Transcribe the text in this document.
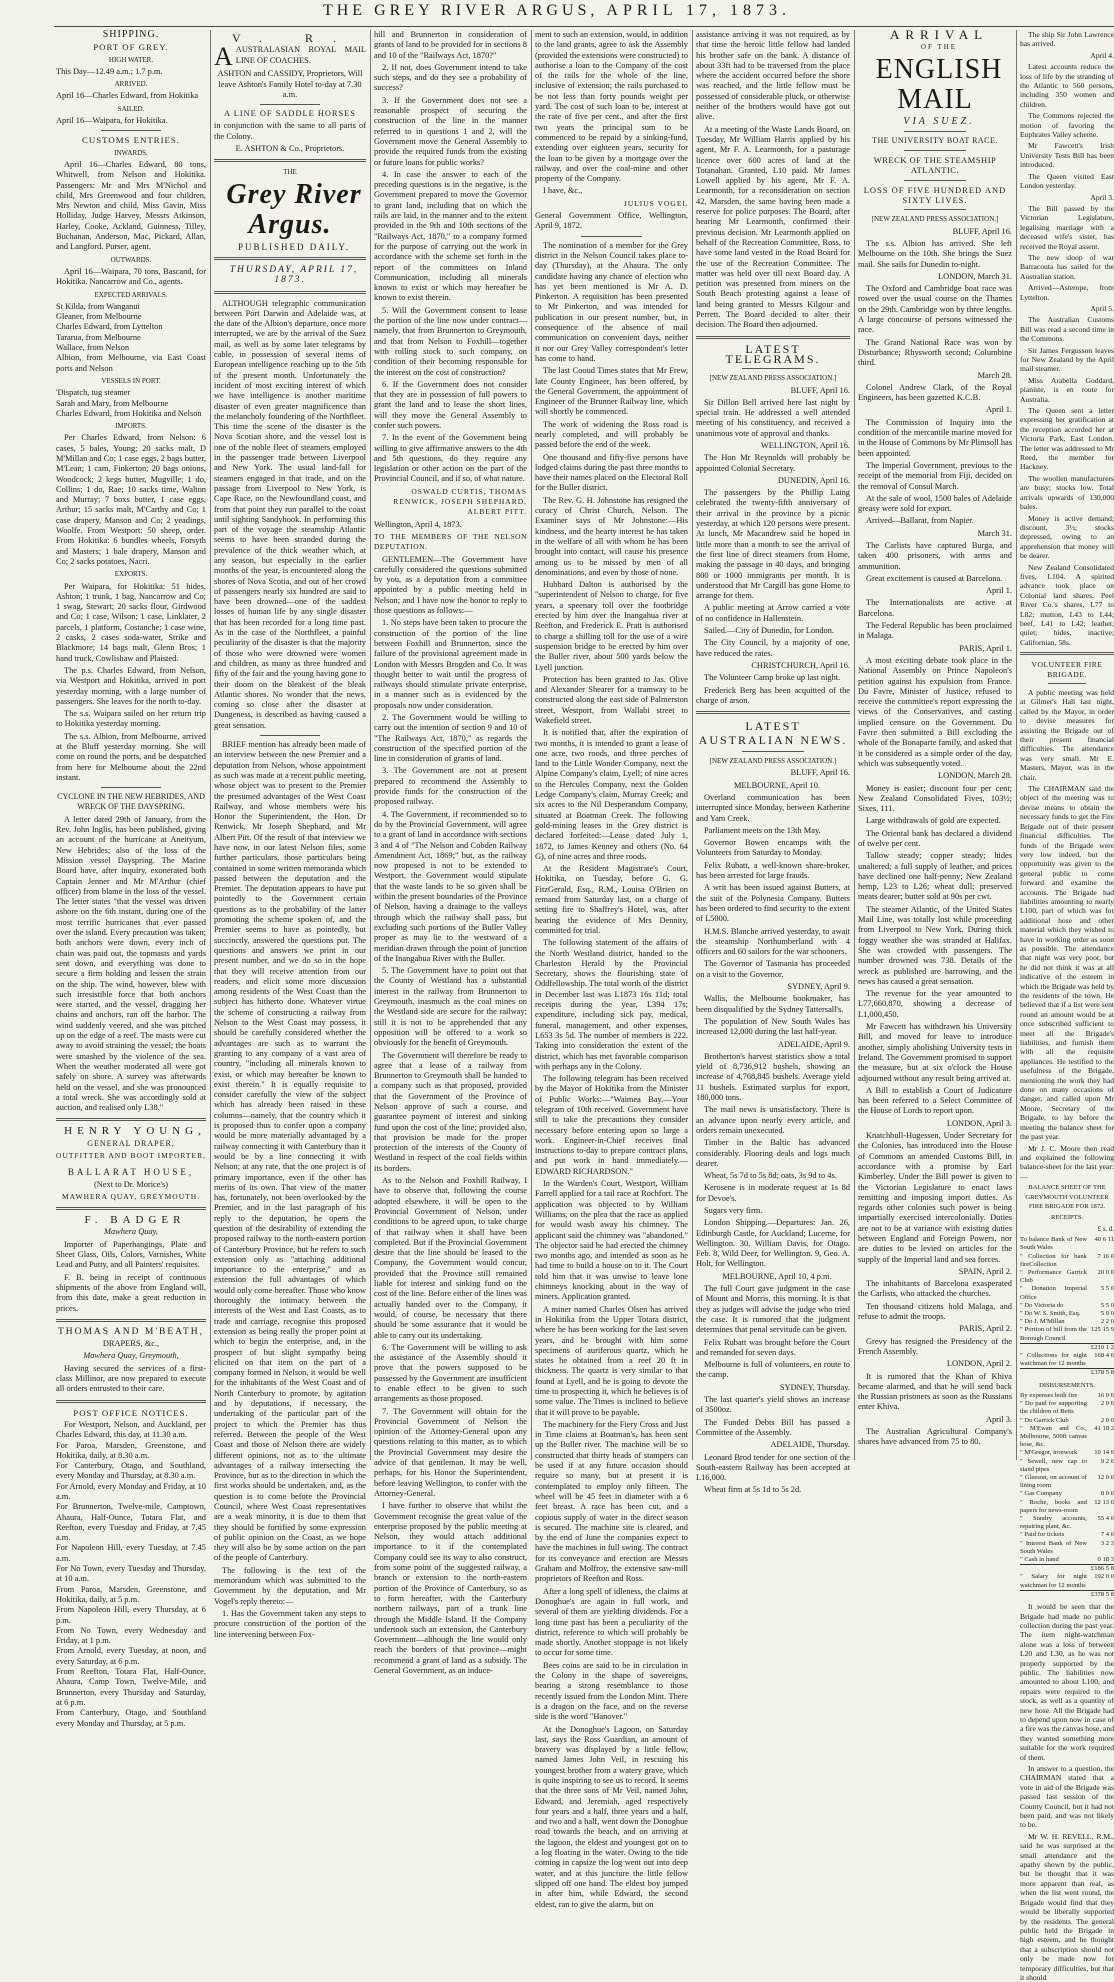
THE GREY RIVER ARGUS, APRIL 17, 1873.

SHIPPING.

PORT OF GREY.

HIGH WATER.

This Day—12.49 a.m.; 1.7 p.m.

ARRIVED.

April 16—Charles Edward, from Hokitika

SAILED.

April 16—Waipara, for Hokitika.

CUSTOMS ENTRIES.

INWARDS.

April 16—Charles Edward, 80 tons, Whitwell, from Nelson and Hokitika. Passengers: Mr and Mrs M'Nichol and child, Mrs Greenwood and four children, Mrs Newton and child, Miss Gavin, Miss Holliday, Judge Harvey, Messrs Atkinson, Harley, Cooke, Ackland, Guinness, Tilley, Buchanan, Anderson, Mac, Pickard, Allan, and Langford. Purser, agent.

OUTWARDS.

April 16—Waipara, 70 tons, Bascand, for Hokitika. Nancarrow and Co., agents.

EXPECTED ARRIVALS.

St Kilda, from Wanganui
Gleaner, from Melbourne
Charles Edward, from Lyttelton
Tararua, from Melbourne
Wallace, from Nelson
Albion, from Melbourne, via East Coast ports and Nelson

VESSELS IN PORT.

'Dispatch, tug steamer
Sarah and Mary, from Melbourne
Charles Edward, from Hokitika and Nelson

IMPORTS.

Per Charles Edward, from Nelson: 6 cases, 5 bales, Young; 20 sacks malt, D M'Millan and Co; 1 case eggs, 2 bags butter, M'Lean; 1 cam, Finkerton; 20 bags onions, Woodcock; 2 kegs butter, Mugville; 1 do, Collins; 1 do, Rae; 10 sacks time, Walton and Murray; 7 boxs butter, 1 case eggs, Arthur; 15 sacks malt, M'Carthy and Co; 1 case drapery, Manson and Co; 2 yeadings, Woolfe. From Westport: 50 sheep, order. From Hokitika: 6 bundles wheels, Forsyth and Masters; 1 bale drapery, Manson and Co; 2 sacks potatoes, Nacri.

EXPORTS.

Per Waipara, for Hokitika: 51 hides, Ashton; 1 trunk, 1 bag, Nancarrow and Co; 1 swag, Stewart; 20 sacks flour, Girdwood and Co; 1 case, Wilson; 1 case, Linklater, 2 parcels, 1 platform, Costanche; 1 case wine, 2 casks, 2 cases soda-water, Strike and Blackmore; 14 bags malt, Glenn Bros; 1 hand truck, Cowlishaw and Plaisted.

The p.s. Charles Edward, from Nelson, via Westport and Hokitika, arrived in port yesterday morning, with a large number of passengers. She leaves for the north to-day.

The s.s. Waipara sailed on her return trip to Hokitika yesterday morning.

The s.s. Albion, from Melbourne, arrived at the Bluff yesterday morning. She will come on round the ports, and be despatched from here for Melbourne about the 22nd instant.

CYCLONE IN THE NEW HEBRIDES, AND WRECK OF THE DAYSPRING.

A letter dated 29th of January, from the Rev. John Inglis, has been published, giving an account of the hurricane at Aneityum, New Hebrides; also of the loss of the Mission vessel Dayspring. The Marine Board have, after inquiry, exonerated both Captain Jenner and Mr M'Arthur (chief officer) from blame in the loss of the vessel. The letter states "that the vessel was driven ashore on the 6th instant, during one of the most terrific hurricanes that ever passed over the island. Every precaution was taken; both anchors were down, every inch of chain was paid out, the topmasts and yards sent down, and everything was done to secure a firm holding and lessen the strain on the ship. The wind, however, blew with such irresistible force that both anchors were started, and the vessel, dragging her chains and anchors, ran off the harbor. The wind suddenly veered, and she was pitched up on the edge of a reef. The masts were cut away to avoid straining the vessel; the boats were smashed by the violence of the sea. When the weather moderated all were got safely on shore. A survey was afterwards held on the vessel, and she was pronounced a total wreck. She was accordingly sold at auction, and realised only L38."

HENRY YOUNG,

GENERAL DRAPER,

OUTFITTER AND BOOT IMPORTER,

BALLARAT HOUSE,

(Next to Dr. Morice's)

MAWHERA QUAY, GREYMOUTH.

F. BADGER

Mawhera Quay,

Importer of Paperhangings, Plate and Sheet Glass, Oils, Colors, Varnishes, White Lead and Putty, and all Painters' requisites.

F. B. being in receipt of continuous shipments of the above from England will, from this date, make a great reduction in prices.

THOMAS AND M'BEATH,

DRAPERS, &c.,

Mawhera Quay, Greymouth,

Having secured the services of a first-class Millinor, are now prepared to execute all orders entrusted to their care.

POST OFFICE NOTICES.

For Westport, Nelson, and Auckland, per Charles Edward, this day, at 11.30 a.m.
For Paroa, Marsden, Greenstone, and Hokitika, daily, at 8.30 a.m.
For Canterbury, Otago, and Southland, every Monday and Thursday, at 8.30 a.m.
For Arnold, every Monday and Friday, at 10 a.m.
For Brunnerton, Twelve-mile, Camptown, Ahaura, Half-Ounce, Totara Flat, and Reefton, every Tuesday and Friday, at 7.45 a.m.
For Napoleon Hill, every Tuesday, at 7.45 a.m.
For No Town, every Tuesday and Thursday, at 10 a.m.
From Paroa, Marsden, Greenstone, and Hokitika, daily, at 5 p.m.
From Napoleon Hill, every Thursday, at 6 p.m.
From No Town, every Wednesday and Friday, at 1 p.m.
From Arnold, every Tuesday, at noon, and every Saturday, at 6 p.m.
From Reefton, Totara Flat, Half-Ounce, Ahaura, Camp Town, Twelve-Mile, and Brunnerton, every Thursday and Saturday, at 6 p.m.
From Canterbury, Otago, and Southland every Monday and Thursday, at 5 p.m.

V. R.

AAUSTRALASIAN ROYAL MAIL LINE OF COACHES.

ASHTON and CASSIDY, Proprietors, Will leave Ashton's Family Hotel to-day at 7.30 a.m.

A LINE OF SADDLE HORSES

in conjunction with the same to all parts of the Colony.

E. ASHTON & Co., Proprietors.

THE

Grey River Argus.

PUBLISHED DAILY.

THURSDAY, APRIL 17, 1873.

ALTHOUGH telegraphic communication between Port Darwin and Adelaide was, at the date of the Albion's departure, once more interrupted, we are by the arrival of the Suez mail, as well as by some later telegrams by cable, in possession of several items of European intelligence reaching up to the 5th of the present month. Unfortunately the incident of most exciting interest of which we have intelligence is another maritime disaster of even greater magnificence than the melancholy foundering of the Northfleet. This time the scene of the disaster is the Nova Scotian shore, and the vessel lost is one of the noble fleet of steamers employed in the passenger trade between Liverpool and New York. The usual land-fall for steamers engaged in that trade, and on the passage from Liverpool to New York, is Cape Race, on the Newfoundland coast, and from that point they run parallel to the coast until sighting Sandyhook. In performing this part of the voyage the steamship Atlantic seems to have been stranded during the prevalence of the thick weather which, at any season, but especially in the earlier months of the year, is encountered along the shores of Nova Scotia, and out of her crowd of passengers nearly six hundred are said to have been drowned—one of the saddest losses of human life by any single disaster that has been recorded for a long time past. As in the case of the Northfleet, a painful peculiarity of the disaster is that the majority of those who were drowned were women and children, as many as three hundred and fifty of the fair and the young having gone to their doom on the bleakest of the bleak Atlantic shores. No wonder that the news, coming so close after the disaster at Dungeness, is described as having caused a great sensation.

BRIEF mention has already been made of an interview between the new Premier and a deputation from Nelson, whose appointment as such was made at a recent public meeting, whose object was to present to the Premier the presumed advantages of the West Coast Railway, and whose members were his Honor the Superintendent, the Hon. Dr Renwick, Mr Joseph Shephard, and Mr Albert Pitt. Of the result of that interview we have now, in our latest Nelson files, some further particulars, those particulars being contained in some written memoranda which passed between the deputation and the Premier. The deputation appears to have put pointedly to the Government certain questions as to the probability of the latter promoting the scheme spoken of, and the Premier seems to have as pointedly, but succinctly, answered the questions put. The questions and answers we print in our present number, and we do so in the hope that they will receive attention from our readers, and elicit some more discussion among residents of the West Coast than the subject has hitherto done. Whatever virtue the scheme of constructing a railway from Nelson to the West Coast may possess, it should be carefully considered whether the advantages are such as to warrant the granting to any company of a vast area of country, "including all minerals known to exist, or which may hereafter be known to exist therein." It is equally requisite to consider carefully the view of the subject which has already been raised in these columns—namely, that the country which it is proposed thus to confer upon a company would be more materially advantaged by a railway connecting it with Canterbury than it would be by a line connecting it with Nelson; at any rate, that the one project is of primary importance, even if the other has merits of its own. That view of the matter has, fortunately, not been overlooked by the Premier, and in the last paragraph of his reply to the deputation, he opens the question of the desirability of extending the proposed railway to the north-eastern portion of Canterbury Province, but he refers to such extension only as "attaching additional importance to the enterprise," and as extension the full advantages of which would only come hereafter. Those who know thoroughly the intimacy between the interests of the West and East Coasts, as to trade and carriage, recognise this proposed extension as being really the proper point at which to begin the enterprise, and, in the prospect of but slight sympathy being elicited on that item on the part of a company formed in Nelson, it would be well for the inhabitants of the West Coast and of North Canterbury to promote, by agitation and by deputations, if necessary, the undertaking of the particular part of the project to which the Premier has thus referred. Between the people of the West Coast and those of Nelson there are widely different opinions, not as to the ultimate advantages of a railway intersecting the Province, but as to the direction in which the first works should be undertaken, and, as the question is to come before the Provincial Council, where West Coast representatives are a weak minority, it is due to them that they should be fortified by some expression of public opinion on the Coast, as we hope they will also be by some action on the part of the people of Canterbury.

The following is the text of the memorandum which was submitted to the Government by the deputation, and Mr Vogel's reply thereto:—

1. Has the Government taken any steps to procure construction of the portion of the line intervening between Fox-

hill and Brunnerton in consideration of grants of land to be provided for in sections 8 and 10 of the "Railways Act, 1870?"

2. If not, does Government intend to take such steps, and do they see a probability of success?

3. If the Government does not see a reasonable prospect of securing the construction of the line in the manner referred to in questions 1 and 2, will the Government move the General Assembly to provide the required funds from the existing or future loans for public works?

4. In case the answer to each of the preceding questions is in the negative, is the Government prepared to move the Governor to grant land, including that on which the rails are laid, in the manner and to the extent provided in the 9th and 10th sections of the "Railways Act, 1870," to a company formed for the purpose of carrying out the work in accordance with the scheme set forth in the report of the committees on Inland Communication, including all minerals known to exist or which may hereafter be known to exist therein.

5. Will the Government consent to lease the portion of the line now under contract—namely, that from Brunnerton to Greymouth, and that from Nelson to Foxhill—together with rolling stock to such company, on condition of their becoming responsible for the interest on the cost of construction?

6. If the Government does not consider that they are in possession of full powers to grant the land and to lease the short lines, will they move the General Assembly to confer such powers.

7. In the event of the Government being willing to give affirmative answers to the 4th and 5th questions, do they require any legislation or other action on the part of the Provincial Council, and if so, of what nature.

OSWALD CURTIS, THOMAS RENWICK, JOSEPH SHEPHARD, ALBERT PITT.

Wellington, April 4, 1873.

TO THE MEMBERS OF THE NELSON DEPUTATION.

GENTLEMEN—The Government have carefully considered the questions submitted by you, as a deputation from a committee appointed by a public meeting held in Nelson; and I have now the honor to reply to those questions as follows:—

1. No steps have been taken to procure the construction of the portion of the line between Foxhill and Brunnerton, since the failure of the provisional agreement made in London with Messrs Brogden and Co. It was thought better to wait until the progress of railways should stimulate private enterprise, in a manner such as is evidenced by the proposals now under consideration.

2. The Government would be willing to carry out the intention of section 9 and 10 of "The Railways Act, 1870," as regards the construction of the specified portion of the line in consideration of grants of land.

3. The Government are not at present prepared to recommend the Assembly to provide funds for the construction of the proposed railway.

4. The Government, if recommended so to do by the Provincial Government, will agree to a grant of land in accordance with sections 3 and 4 of "The Nelson and Cobden Railway Amendment Act, 1869;" but, as the railway now proposed is not to be extended to Westport, the Government would stipulate that the waste lands to be so given shall be within the present boundaries of the Province of Nelson, having a drainage to the valleys through which the railway shall pass, but excluding such portions of the Buller Valley proper as may lie to the westward of a meridian drawn through the point of junction of the Inangahua River with the Buller.

5. The Government have to point out that the County of Westland has a substantial interest in the railway from Brunnerton to Greymouth, inasmuch as the coal mines on the Westland side are secure for the railway; still it is not to be apprehended that any opposition will be offered to a work so obviously for the benefit of Greymouth.

The Government will therefore be ready to agree that a lease of a railway from Brunnerton to Greymouth shall be handed to a company such as that proposed, provided that the Government of the Province of Nelson approve of such a course, and guarantee payment of interest and sinking fund upon the cost of the line; provided also, that provision be made for the proper protection of the interests of the County of Westland in respect of the coal fields within its borders.

As to the Nelson and Foxhill Railway, I have to observe that, following the course adopted elsewhere, it will be open to the Provincial Government of Nelson, under conditions to be agreed upon, to take charge of that railway when it shall have been completed. But if the Provincial Government desire that the line should be leased to the Company, the Government would concur, provided that the Province still remained liable for interest and sinking fund on the cost of the line. Before either of the lines was actually handed over to the Company, it would, of course, be necessary that there should be some assurance that it would be able to carry out its undertaking.

6. The Government will be willing to ask the assistance of the Assembly should it prove that the powers supposed to be possessed by the Government are insufficient to enable effect to be given to such arrangements as those proposed.

7. The Government will obtain for the Provincial Government of Nelson the opinion of the Attorney-General upon any questions relating to this matter, as to which the Provincial Government may desire the advice of that gentleman. It may be well, perhaps, for his Honor the Superintendent, before leaving Wellington, to confer with the Attorney-General.

I have further to observe that whilst the Government recognise the great value of the enterprise proposed by the public meeting at Nelson, they would attach additional importance to it if the contemplated Company could see its way to also construct, from some point of the suggested railway, a branch or extension to the north-eastern portion of the Province of Canterbury, so as to form hereafter, with the Canterbury northern railways, part of a trunk line through the Middle Island. If the Company undertook such an extension, the Canterbury Government—although the line would only reach the borders of that province—might recommend a grant of land as a subsidy. The General Government, as an induce-

ment to such an extension, would, in addition to the land grants, agree to ask the Assembly (provided the extensions were constructed) to authorise a loan to the Company of the cost of the rails for the whole of the line, inclusive of extension; the rails purchased to be not less than forty pounds weight per yard. The cost of such loan to be, interest at the rate of five per cent., and after the first two years the principal sum to be commenced to be repaid by a sinking-fund, extending over eighteen years, security for the loan to be given by a mortgage over the railway, and over the coal-mine and other property of the Company.

I have, &c.,

JULIUS VOGEL

General Government Office, Wellington, April 9, 1872.

The nomination of a member for the Grey district in the Nelson Council takes place to-day (Thursday), at the Ahaura. The only candidate having any chance of election who has yet been mentioned is Mr A. D. Pinkerton. A requisition has been presented to Mr Pinkerton, and was intended for publication in our present number, but, in consequence of the absence of mail communication on convenient days, neither it nor our Grey Valley correspondent's letter has come to hand.

The last Cooud Times states that Mr Frew, late County Engineer, has been offered, by the General Government, the appointment of Engineer of the Brunner Railway line, which will shortly be commenced.

The work of widening the Ross road is nearly completed, and will probably be passed before the end of the week.

One thousand and fifty-five persons have lodged claims during the past three months to have their names placed on the Electoral Roll for the Buller district.

The Rev. G. H. Johnstone has resigned the curacy of Christ Church, Nelson. The Examiner says of Mr Johnstone:—His kindness, and the hearty interest he has taken in the welfare of all with whom he has been brought into contact, will cause his presence among us to be missed by men of all denominations, and even by those of none.

Hubbard Dalton is authorised by the "superintendent of Nelson to charge, for five years, a speenary toll over the footbridge erected by him over the Inangahua river at Reefton, and Frederick E. Pratt is authorised to charge a shilling toll for the use of a wire suspension bridge to be erected by him over the Buller river, about 500 yards below the Lyell junction.

Protection has been granted to Jas. Olive and Alexander Shearer for a tramway to be constructed along the east side of Palmerston street, Westport, from Wallabi street to Wakefield street.

It is notified that, after the expiration of two months, it is intended to grant a lease of one acre, two roods, and three perches of land to the Little Wonder Company, next the Alpine Company's claim, Lyell; of nine acres to the Hercules Company, next the Golden Ledge Company's claim, Murray Creek; and six acres to the Nil Desperandum Company, situated at Boatman Creek. The following gold-mining leases in the Grey district is declared forfeited:—Lease dated July 1, 1872, to James Kenney and others (No. 64 G), of nine acres and three roods.

At the Resident Magistrate's Court, Hokitika, on Tuesday, before G. G. FitzGerald, Esq., R.M., Louisa O'Brien on remand from Saturday last, on a charge of setting fire to Shaffrey's Hotel, was, after hearing the evidence of Mrs Dennity, committed for trial.

The following statement of the affairs of the North Westland district, handed to the Charleston Herald by the Provincial Secretary, shows the flourishing state of Oddfellowship. The total worth of the district in December last was L1873 16s 11d; total receipts during the year, L394 17s; expenditure, including sick pay, medical, funeral, management, and other expenses, L653 3s 5d. The number of members is 222. Taking into consideration the extent of the district, which has met favorable comparison with perhaps any in the Colony.

The following telegram has been received by the Mayor of Hokitika from the Minister of Public Works:—"Waimea Bay.—Your telegram of 10th received. Government have still to take the precautions they consider necessary before entering upon so large a work. Engineer-in-Chief receives final instructions to-day to prepare contract plans, and put work in hand immediately.—EDWARD RICHARDSON."

In the Warden's Court, Westport, William Farrell applied for a tail race at Rochfort. The application was objected to by William Williams, on the plea that the race as applied for would wash away his chimney. The applicant said the chimney was "abandoned." The objector said he had erected the chimney two months ago, and intended as soon as he had time to build a house on to it. The Court told him that it was unwise to leave lone chimneys knocking about in the way of miners. Application granted.

A miner named Charles Olsen has arrived in Hokitika from the Upper Totara district, where he has been working for the last seven years, and he brought with him some specimens of auriferous quartz, which he states he obtained from a reef 20 ft in thickness. The quartz is very similar to that found at Lyell, and he is going to devote the time to prospecting it, which he believes is of some value. The Times is inclined to believe that it will prove to be payable.

The machinery for the Fiery Cross and Just in Time claims at Boatman's, has been sent up the Buller river. The machine will be so constructed that thirty heads of stampers can be used if at any future occasion should require so many, but at present it is contemplated to employ only fifteen. The wheel will be 45 feet in diameter with a 6 feet breast. A race has been cut, and a copious supply of water in the direct season is secured. The machine site is cleared, and by the end of June the companies expect to have the machines in full swing. The contract for its conveyance and erection are Messrs Graham and Molfroy, the extensive saw-mill proprietors of Reefton and Ross.

After a long spell of idleness, the claims at Donoghue's are again in full work, and several of them are yielding dividends. For a long time past has been a peculiarity of the district, reference to which will probably be made shortly. Another stoppage is not likely to occur for some time.

Bees coins are said to be in circulation in the Colony in the shape of sovereigns, bearing a strong resemblance to those recently issued from the London Mint. There is a dragon on the face, and on the reverse side is the word "Hanover."

At the Donoghue's Lagoon, on Saturday last, says the Ross Guardian, an amount of bravery was displayed by a little fellow, named James John Veil, in rescuing his youngest brother from a watery grave, which is quite inspiring to see us to record. It seems that the three sons of Mr Veil, named John, Edward, and Jeremiah, aged respectively four years and a half, three years and a half, and two and a half, went down the Donoghue road towards the beach, and on arriving at the lagoon, the eldest and youngest got on to a log floating in the water. Owing to the tide coming in capsize the log went out into deep water, and at this juncture the little fellow slipped off one hand. The eldest boy jumped in after him, while Edward, the second eldest, ran to give the alarm, but on

assistance arriving it was not required, as by that time the heroic little fellow had landed his brother safe on the bank. A distance of about 33ft had to be traversed from the place where the accident occurred before the shore was reached, and the little fellow must be possessed of considerable pluck, or otherwise neither of the brothers would have got out alive.

At a meeting of the Waste Lands Board, on Tuesday, Mr William Harris applied by his agent, Mr F. A. Learmonth, for a pasturage licence over 600 acres of land at the Totanahan. Granted, L10 paid. Mr James Lowell applied by his agent, Mr F. A. Learmonth, for a reconsideration on section 42, Marsden, the same having been made a reserve for police purposes. The Board, after hearing Mr Learmonth, confirmed their previous decision. Mr Learmonth applied on behalf of the Recreation Committee, Ross, to have some land vested in the Road Board for the use of the Recreation Committee. The matter was held over till next Board day. A petition was presented from miners on the South Beach protesting against a lease of land being granted to Messrs Kilgour and Perrett. The Board decided to alter their decision. The Board then adjourned.

LATEST TELEGRAMS.

[NEW ZEALAND PRESS ASSOCIATION.]

BLUFF, April 16.

Sir Dillon Bell arrived here last night by special train. He addressed a well attended meeting of his constituency, and received a unanimous vote of approval and thanks.

WELLINGTON, April 16.

The Hon Mr Reynolds will probably be appointed Colonial Secretary.

DUNEDIN, April 16.

The passengers by the Phillip Laing celebrated the twenty-fifth anniversary of their arrival in the province by a picnic yesterday, at which 120 persons were present. At lunch, Mr Macandrew said he hoped in little more than a month to see the arrival of the first line of direct steamers from Home, making the passage in 40 days, and bringing 800 or 1000 immigrants per month. It is understood that Mr Cargill has gone Home to arrange for them.

A public meeting at Arrow carried a vote of no confidence in Hallenstein.

Sailed.—City of Dunedin, for London.

The City Council, by a majority of one, have reduced the rates.

CHRISTCHURCH, April 16.

The Volunteer Camp broke up last night.

Frederick Berg has been acquitted of the charge of arson.

LATEST AUSTRALIAN NEWS.

[NEW ZEALAND PRESS ASSOCIATION.]

BLUFF, April 16.

MELBOURNE, April 10.

Overland communication has been interrupted since Monday, between Katherine and Yam Creek.

Parliament meets on the 13th May.

Governor Bowen encamps with the Volunteers from Saturday to Monday.

Felix Rubatt, a well-known share-broker, has been arrested for large frauds.

A writ has been issued against Butters, at the suit of the Polynesia Company. Butters has been ordered to find security to the extent of L5000.

H.M.S. Blanche arrived yesterday, to await the steamship Northumberland with 4 officers and 60 sailors for the war schooners.

The Governor of Tasmania has proceeded on a visit to the Governor.

SYDNEY, April 9.

Wallis, the Melbourne bookmaker, has been disqualified by the Sydney Tattersall's.

The population of New South Wales has increased 12,000 during the last half-year.

ADELAIDE, April 9.

Brotherton's harvest statistics show a total yield of 8,736,912 bushels, showing an increase of 4,768,845 bushels. Average yield 11 bushels. Estimated surplus for export, 180,000 tons.

The mail news is unsatisfactory. There is an advance upon nearly every article, and orders remain unexecuted.

Timber in the Baltic has advanced considerably. Flooring deals and logs much dearer.

Wheat, 5s 7d to 5s 8d; oats, 3s 9d to 4s.

Kerosene is in moderate request at 1s 8d for Devoe's.

Sugars very firm.

London Shipping.—Departures: Jan. 26, Edinburgh Castle, for Auckland; Lucerne, for Wellington. 30, William Davis, for Otago. Feb. 8, Wild Deer, for Wellington. 9, Geo. A. Holt, for Wellington.

MELBOURNE, April 10, 4 p.m.

The full Court gave judgment in the case of Mount and Morris, this morning. It is that they as judges will advise the judge who tried the case. It is rumored that the judgment determines that penal servitude can be given.

Felix Rubatt was brought before the Court and remanded for seven days.

Melbourne is full of volunteers, en route to the camp.

SYDNEY, Thursday.

The last quarter's yield shows an increase of 3500oz.

The Funded Debts Bill has passed a Committee of the Assembly.

ADELAIDE, Thursday.

Leonard Brod tender for one section of the South-eastern Railway has been accepted at L16,000.

Wheat firm at 5s 1d to 5s 2d.

ARRIVAL

OF THE

ENGLISH MAIL

VIA SUEZ.

THE UNIVERSITY BOAT RACE.

WRECK OF THE STEAMSHIP ATLANTIC.

LOSS OF FIVE HUNDRED AND SIXTY LIVES.

[NEW ZEALAND PRESS ASSOCIATION.]

BLUFF, April 16.

The s.s. Albion has arrived. She left Melbourne on the 10th. She brings the Suez mail. She sails for Dunedin to-night.

LONDON, March 31.

The Oxford and Cambridge boat race was rowed over the usual course on the Thames on the 29th. Cambridge won by three lengths. A large concourse of persons witnessed the race.

The Grand National Race was won by Disturbance; Rhysworth second; Columbine third.

March 28.

Colonel Andrew Clark, of the Royal Engineers, has been gazetted K.C.B.

April 1.

The Commission of Inquiry into the condition of the mercantile marine moved for in the House of Commons by Mr Plimsoll has been appointed.

The Imperial Government, previous to the receipt of the memorial from Fiji, decided on the removal of Consul March.

At the sale of wool, 1500 bales of Adelaide greasy were sold for export.

Arrived—Ballarat, from Napier.

March 31.

The Carlists have captured Burga, and taken 400 prisoners, with arms and ammunition.

Great excitement is caused at Barcelona.

April 1.

The Internationalists are active at Barcelona.

The Federal Republic has been proclaimed in Malaga.

PARIS, April 1.

A most exciting debate took place in the National Assembly on Prince Napoleon's petition against his expulsion from France. Du Favre, Minister of Justice, refused to receive the committee's report expressing the views of the Conservatives, and casting implied censure on the Government. Du Favre then submitted a Bill excluding the whole of the Bonaparte family, and asked that it be considered as a simple order of the day, which was subsequently voted.

LONDON, March 28.

Money is easier; discount four per cent; New Zealand Consolidated Fives, 103½; Sixes, 111.

Large withdrawals of gold are expected.

The Oriental bank has declared a dividend of twelve per cent.

Tallow steady; copper steady; hides unaltered; a full supply of leather, and prices have declined one half-penny; New Zealand hemp, L23 to L26; wheat dull; preserved meats dearer; butter sold at 90s per cwt.

The steamer Atlantic, of the United States Mail Line, was totally lost while proceeding from Liverpool to New York. During thick foggy weather she was stranded at Halifax. She was crowded with passengers. The number drowned was 738. Details of the wreck as published are harrowing, and the news has caused a great sensation.

The revenue for the year amounted to L77,660,870, showing a decrease of L1,000,450.

Mr Fawcett has withdrawn his University Bill, and moved for leave to introduce another, simply abolishing University tests in Ireland. The Government promised to support the measure, but at six o'clock the House adjourned without any result being arrived at.

A Bill to establish a Court of Judicature has been referred to a Select Committee of the House of Lords to report upon.

LONDON, April 3.

Knatchbull-Hugessen, Under Secretary for the Colonies, has introduced into the House of Commons an amended Customs Bill, in accordance with a promise by Earl Kimberley. Under the Bill power is given to the Victorian Legislature to enact laws remitting and imposing import duties. As regards other colonies such power is being impartially exercised intercolonially. Duties are not to be at variance with existing duties between England and Foreign Powers, nor are duties to be levied on articles for the supply of the Imperial land and sea forces.

SPAIN, April 2.

The inhabitants of Barcelona exasperated the Carlists, who attacked the churches.

Ten thousand citizens hold Malaga, and refuse to admit the troops.

PARIS, April 2.

Grevy has resigned the Presidency of the French Assembly.

LONDON, April 2.

It is rumored that the Khan of Khiva became alarmed, and that he will send back the Russian prisoners as soon as the Russians enter Khiva.

April 3.

The Australian Agricultural Company's shares have advanced from 75 to 80.

The ship Sir John Lawrence has arrived.

April 4.

Latest accounts reduce the loss of life by the stranding of the Atlantic to 560 persons, including 350 women and children.

The Commons rejected the motion of favoring the Euphrates Valley scheme.

Mr Fawcett's Irish University Tests Bill has been introduced.

The Queen visited East London yesterday.

April 3.

The Bill passed by the Victorian Legislature, legalising marriage with a deceased wife's sister, has received the Royal assent.

The new sloop of war Barracouta has sailed for the Australian station.

Arrived—Asterope, from Lyttelton.

April 5.

The Australian Customs Bill was read a second time in the Commons.

Sir James Fergusson leaves for New Zealand by the April mail steamer.

Miss Arabella Goddard, pianiste, is en route for Australia.

The Queen sent a letter expressing her gratification at the reception accorded her at Victoria Park, East London. The letter was addressed to Mr Reed, the member for Hackney.

The woollen manufacturers are busy; stocks low. Total arrivals upwards of 130,000 bales.

Money is active demand; discount, 3½; stocks depressed, owing to an apprehension that money will be dearer.

New Zealand Consolidated fives, L104. A spirited advance took place on Colonial land shares. Peel River Co.'s shares, L77 to L82; mutton, L43 to L44; beef, L41 to L42; leather, quiet; hides, inactive; Californian, 58s.

VOLUNTEER FIRE BRIGADE.

A public meeting was held at Gilmer's Hall last night, called by the Mayor, in order to devise measures for assisting the Brigade out of their present financial difficulties. The attendance was very small. Mr E. Masters, Mayor, was in the chair.

The CHAIRMAN said the object of the meeting was to devise means to obtain the necessary funds to get the Fire Brigade out of their present financial difficulties. The funds of the Brigade were very low indeed, but the opportunity was given to the general public to come forward and examine the accounts. The Brigade had liabilities amounting to nearly L100, part of which was for additional hose and other material which they wished to have in working order as soon as possible. The attendance that night was very poor, but he did not think it was at all indicative of the esteem in which the Brigade was held by the residents of the town. He believed that if a list were sent round an amount would be at once subscribed sufficient to meet all the Brigade's liabilities, and furnish them with all the requisite appliances. He testified to the usefulness of the Brigade, mentioning the work they had done on many occasions of danger, and called upon Mr Moore, Secretary of the Brigade, to lay before the meeting the balance sheet for the past year.

Mr J. C. Moore then read and explained the following balance-sheet for the last year:—

BALANCE SHEET OF THE GREYMOUTH VOLUNTEER FIRE BRIGADE FOR 1872.

RECEIPTS.

£ s. d.

To balance Bank of New South Wales	40 6 11
" Collection for bank fireCollection	7 16 0
" Performance Garrick Club	20 0 0
" Donation Imperial Office	5 5 0
" Do Victoria do	5 5 0
" Do W. S. Smith, Esq.	5 0 0
" Do J. M'Millan	2 2 0
" Portion of bill from the Borough Council	125 15 9
	£210 1 2
" Collections for night watchman for 12 months	168 4 0
	£378 5 8

DISBURSEMENTS.

By expenses both fire	16 0 0
" Do paid for supporting the children of Betts	2 0 0
" Do Garrick Club	2 0 0
" M'Ewan and Co., Melbourne, 500ft canvas hose, &c.	41 18 2
" M'Gregor, ironwork	10 14 6
" Sewell, new cap to stand pipes	9 2 6
" Gleeson, on account of lining room	12 0 0
" Gas Company	8 0 0
" Roche, books and papers for news-room	12 13 0
" Sundry accounts, repairing plant, &c.	55 4 6
" Paid for tickets	7 4 6
" Interest Bank of New South Wales	3 2 3
" Cash in hand	0 18 3
	£186 5 8
" Salary for night watchman for 12 months	192 0 0
	£378 5 8

It would be seen that the Brigade had made no public collection during the past year. The item night-watchman alone was a loss of between L20 and L30, as he was not properly supported by the public. The liabilities now amounted to about L100, and repairs were required to the stock, as well as a quantity of new hose. All the Brigade had to depend upon now in case of a fire was the canvas hose, and they wanted something more suitable for the work required of them.

In answer to a question, the CHAIRMAN stated that a vote in aid of the Brigade was passed last session of the County Council, but it had not been paid, and was not likely to be.

Mr W. H. REVELL, R.M., said he was surprised at the small attendance and the apathy shown by the public, but he thought that it was more apparent than real, as when the list went round, the Brigade would find that they would be liberally supported by the residents. The general public held the Brigade in high esteem, and he thought that a subscription should not only be made now for temporary difficulties, but that it should
